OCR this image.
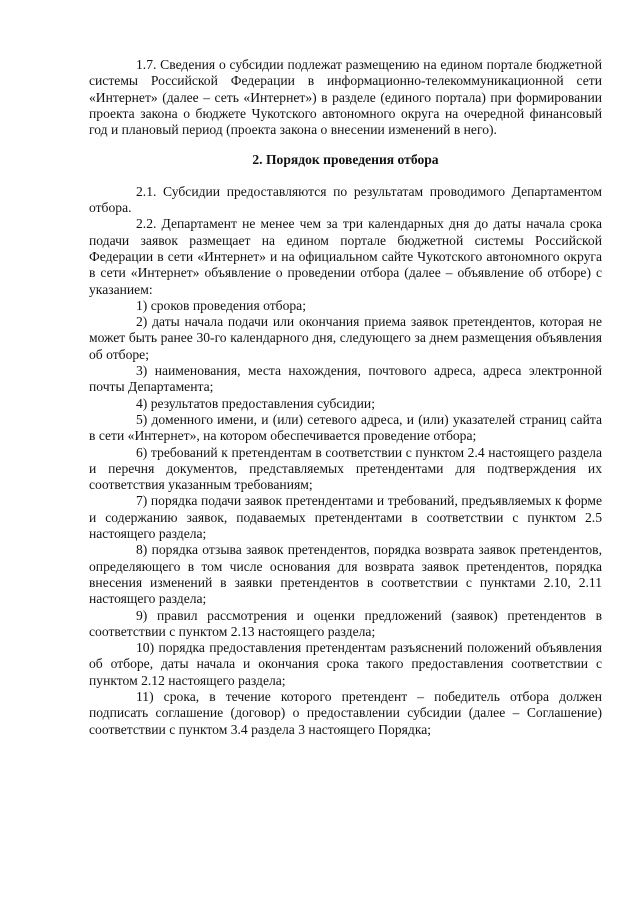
1.7. Сведения о субсидии подлежат размещению на едином портале бюджетной системы Российской Федерации в информационно-телекоммуникационной сети «Интернет» (далее – сеть «Интернет») в разделе (единого портала) при формировании проекта закона о бюджете Чукотского автономного округа на очередной финансовый год и плановый период (проекта закона о внесении изменений в него).

2. Порядок проведения отбора

2.1. Субсидии предоставляются по результатам проводимого Департаментом отбора.

2.2. Департамент не менее чем за три календарных дня до даты начала срока подачи заявок размещает на едином портале бюджетной системы Российской Федерации в сети «Интернет» и на официальном сайте Чукотского автономного округа в сети «Интернет» объявление о проведении отбора (далее – объявление об отборе) с указанием:

1) сроков проведения отбора;

2) даты начала подачи или окончания приема заявок претендентов, которая не может быть ранее 30-го календарного дня, следующего за днем размещения объявления об отборе;

3) наименования, места нахождения, почтового адреса, адреса электронной почты Департамента;

4) результатов предоставления субсидии;

5) доменного имени, и (или) сетевого адреса, и (или) указателей страниц сайта в сети «Интернет», на котором обеспечивается проведение отбора;

6) требований к претендентам в соответствии с пунктом 2.4 настоящего раздела и перечня документов, представляемых претендентами для подтверждения их соответствия указанным требованиям;

7) порядка подачи заявок претендентами и требований, предъявляемых к форме и содержанию заявок, подаваемых претендентами в соответствии с пунктом 2.5 настоящего раздела;

8) порядка отзыва заявок претендентов, порядка возврата заявок претендентов, определяющего в том числе основания для возврата заявок претендентов, порядка внесения изменений в заявки претендентов в соответствии с пунктами 2.10, 2.11 настоящего раздела;

9) правил рассмотрения и оценки предложений (заявок) претендентов в соответствии с пунктом 2.13 настоящего раздела;

10) порядка предоставления претендентам разъяснений положений объявления об отборе, даты начала и окончания срока такого предоставления соответствии с пунктом 2.12 настоящего раздела;

11) срока, в течение которого претендент – победитель отбора должен подписать соглашение (договор) о предоставлении субсидии (далее – Соглашение) соответствии с пунктом 3.4 раздела 3 настоящего Порядка;
